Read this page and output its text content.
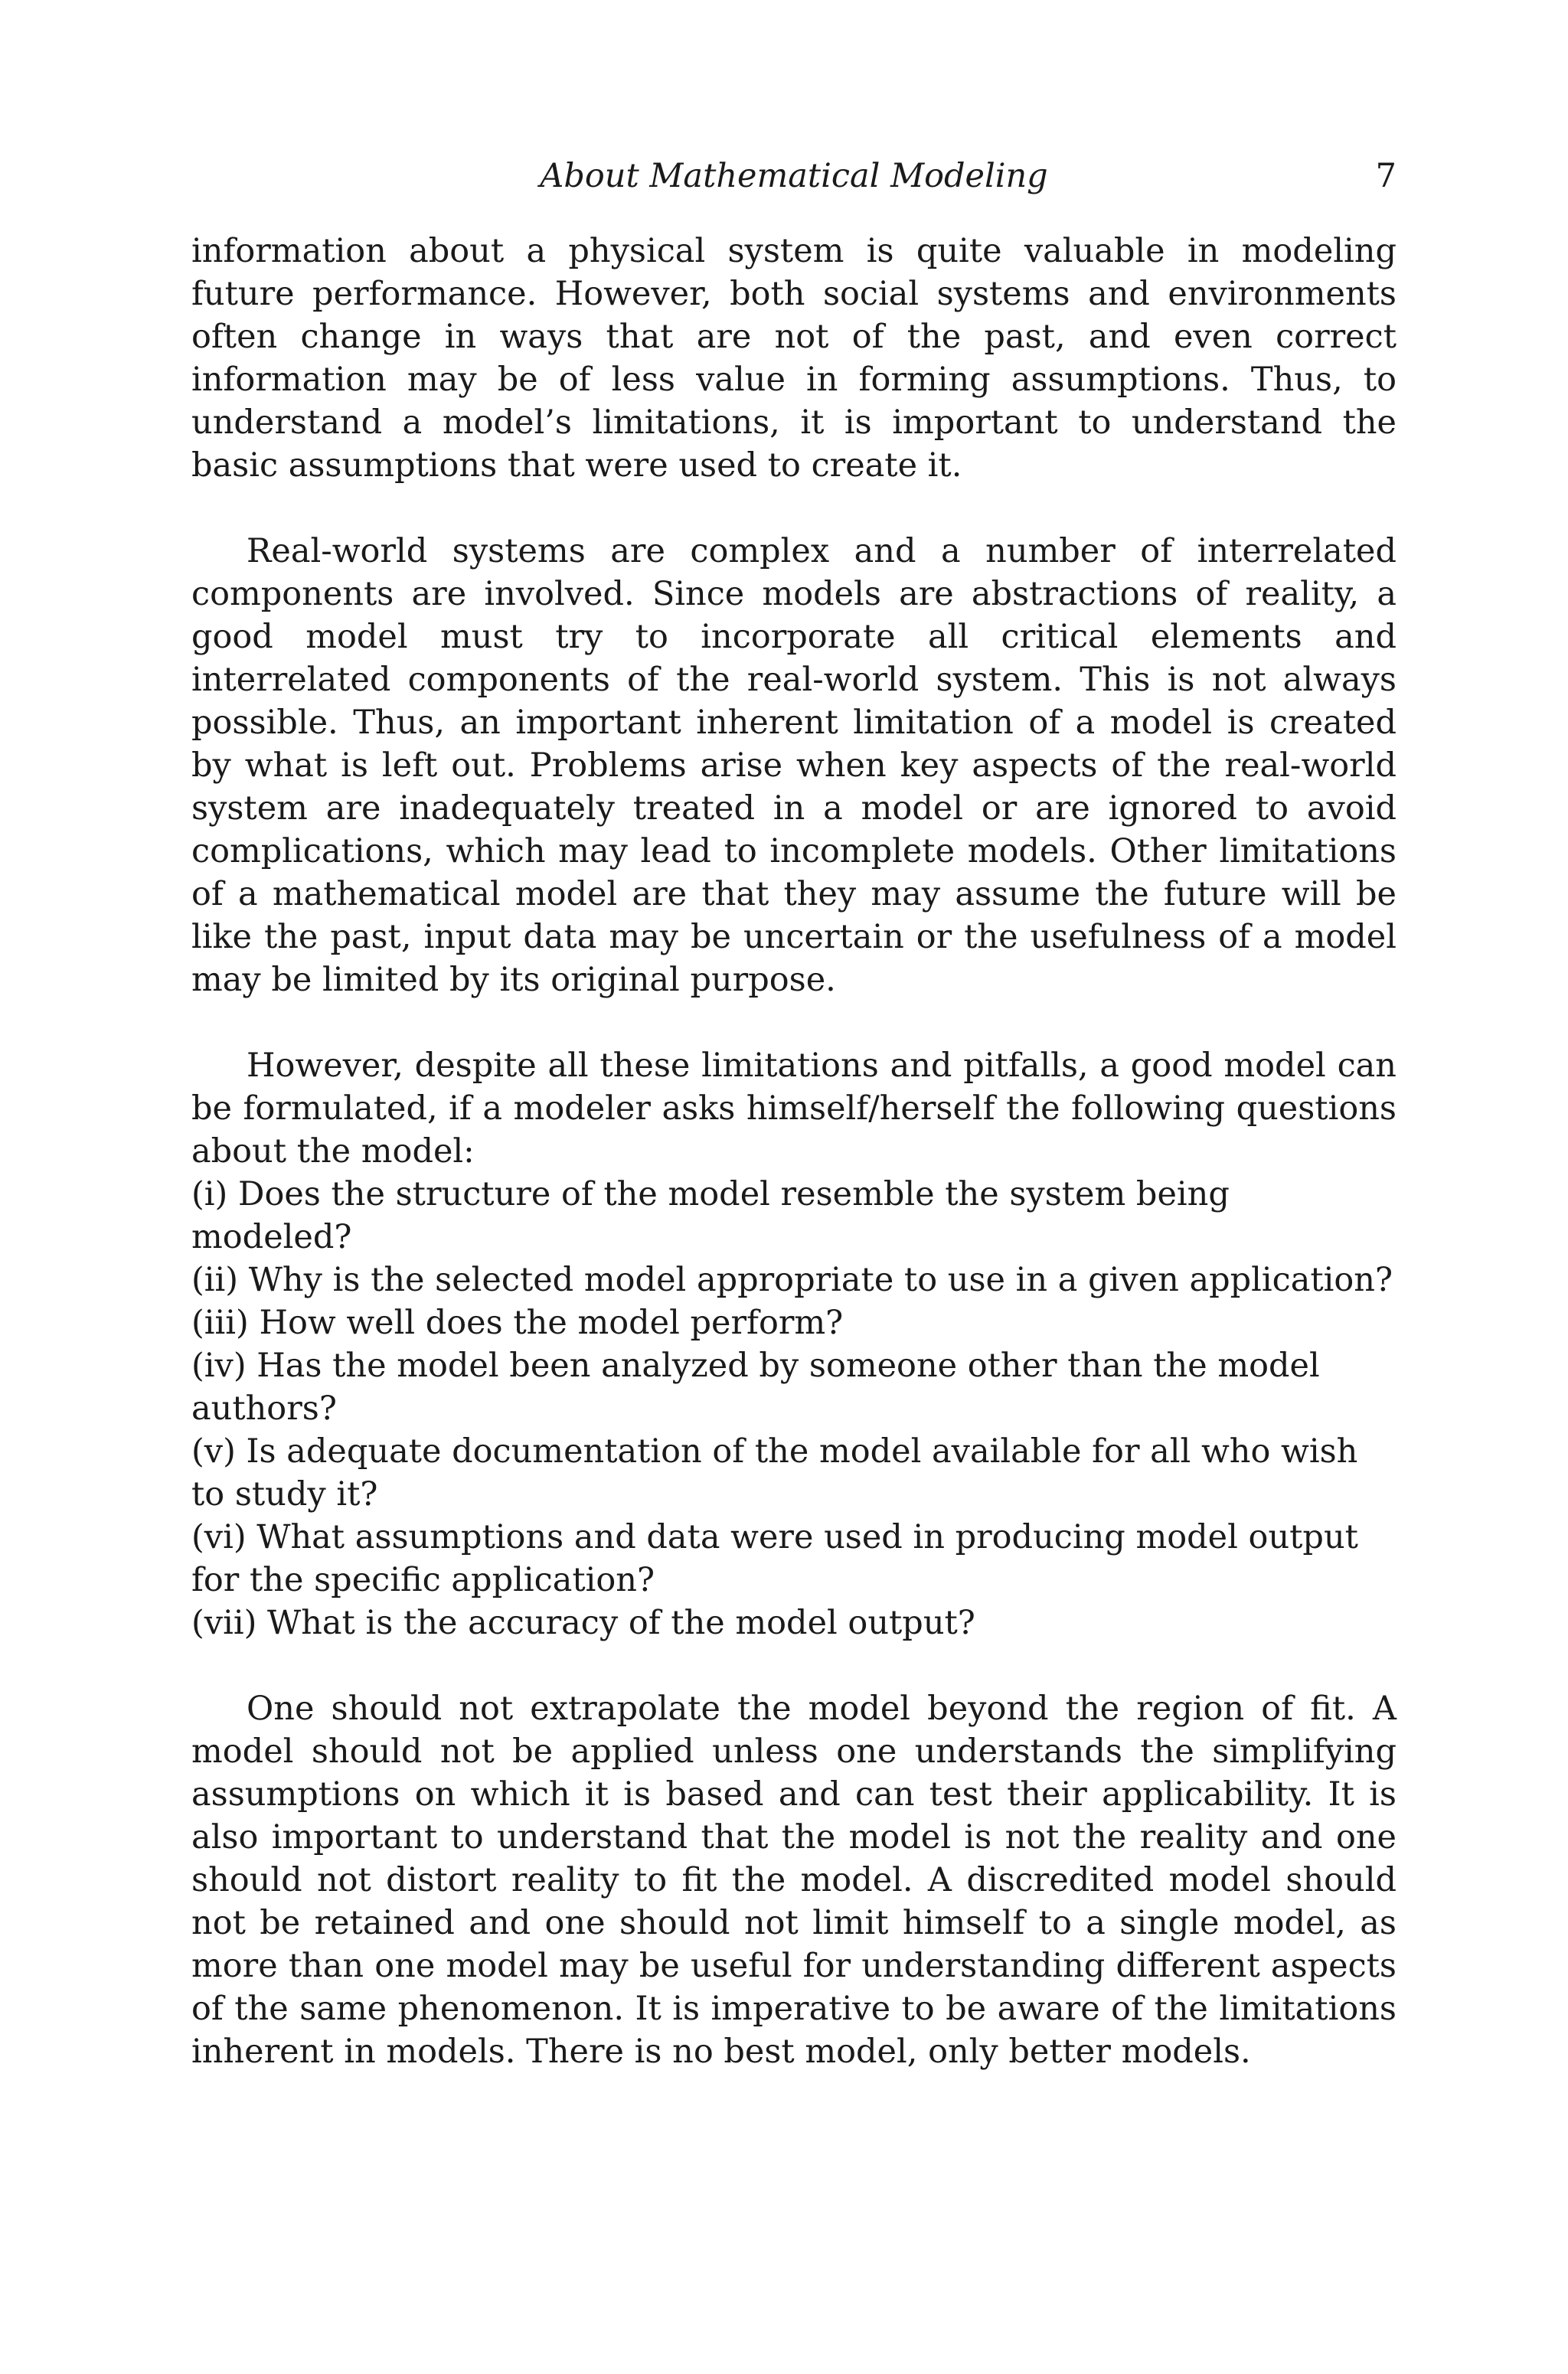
About Mathematical Modeling	7

information about a physical system is quite valuable in modeling future performance. However, both social systems and environments often change in ways that are not of the past, and even correct information may be of less value in forming assumptions. Thus, to understand a model’s limitations, it is important to understand the basic assumptions that were used to create it.

Real-world systems are complex and a number of interrelated components are involved. Since models are abstractions of reality, a good model must try to incorporate all critical elements and interrelated components of the real-world system. This is not always possible. Thus, an important inherent limitation of a model is created by what is left out. Problems arise when key aspects of the real-world system are inadequately treated in a model or are ignored to avoid complications, which may lead to incomplete models. Other limitations of a mathematical model are that they may assume the future will be like the past, input data may be uncertain or the usefulness of a model may be limited by its original purpose.

However, despite all these limitations and pitfalls, a good model can be formulated, if a modeler asks himself/herself the following questions about the model:

(i) Does the structure of the model resemble the system being modeled?
(ii) Why is the selected model appropriate to use in a given application?
(iii) How well does the model perform?
(iv) Has the model been analyzed by someone other than the model authors?
(v) Is adequate documentation of the model available for all who wish to study it?
(vi) What assumptions and data were used in producing model output for the specific application?
(vii) What is the accuracy of the model output?

One should not extrapolate the model beyond the region of fit. A model should not be applied unless one understands the simplifying assumptions on which it is based and can test their applicability. It is also important to understand that the model is not the reality and one should not distort reality to fit the model. A discredited model should not be retained and one should not limit himself to a single model, as more than one model may be useful for understanding different aspects of the same phenomenon. It is imperative to be aware of the limitations inherent in models. There is no best model, only better models.
